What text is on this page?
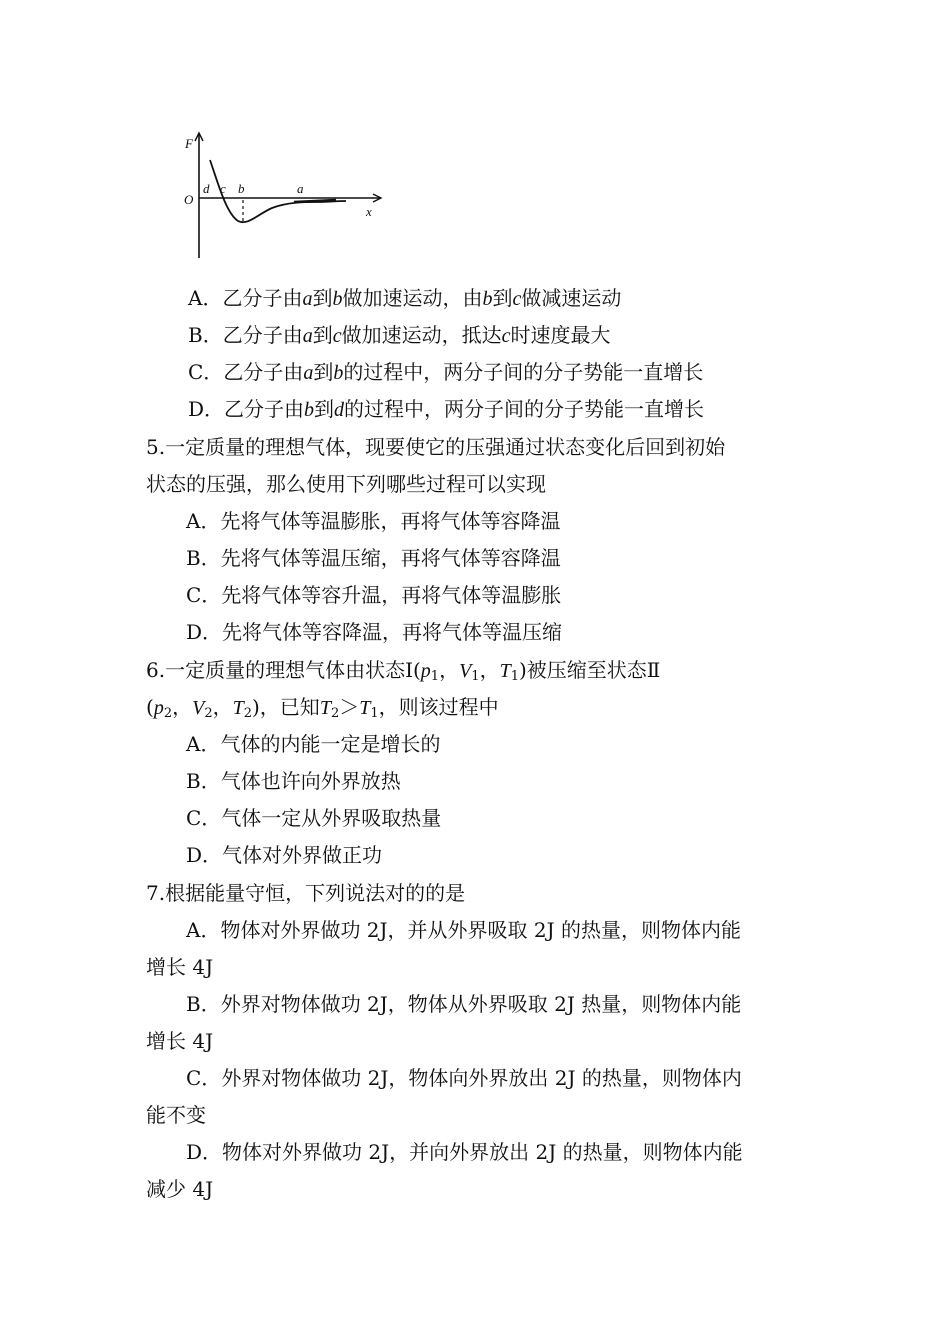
F
x
O
d c b	a
A．乙分子由a到b做加速运动，由b到c做减速运动
B．乙分子由a到c做加速运动，抵达c时速度最大
C．乙分子由a到b的过程中，两分子间的分子势能一直增长
D．乙分子由b到d的过程中，两分子间的分子势能一直增长
5.一定质量的理想气体，现要使它的压强通过状态变化后回到初始
状态的压强，那么使用下列哪些过程可以实现
A．先将气体等温膨胀，再将气体等容降温
B．先将气体等温压缩，再将气体等容降温
C．先将气体等容升温，再将气体等温膨胀
D．先将气体等容降温，再将气体等温压缩
6.一定质量的理想气体由状态$Ⅰ(p_1$，$V_1$，$T_1$)被压缩至状态Ⅱ
($p_2$，$V_2$，$T_2$)，已知$T_2>T_1$，则该过程中
A．气体的内能一定是增长的
B．气体也许向外界放热
C．气体一定从外界吸取热量
D．气体对外界做正功
7.根据能量守恒，下列说法对的的是
A．物体对外界做功 2J，并从外界吸取 2J 的热量，则物体内能
增长 4J
B．外界对物体做功 2J，物体从外界吸取 2J 热量，则物体内能
增长 4J
C．外界对物体做功 2J，物体向外界放出 2J 的热量，则物体内
能不变
D．物体对外界做功 2J，并向外界放出 2J 的热量，则物体内能
减少 4J
